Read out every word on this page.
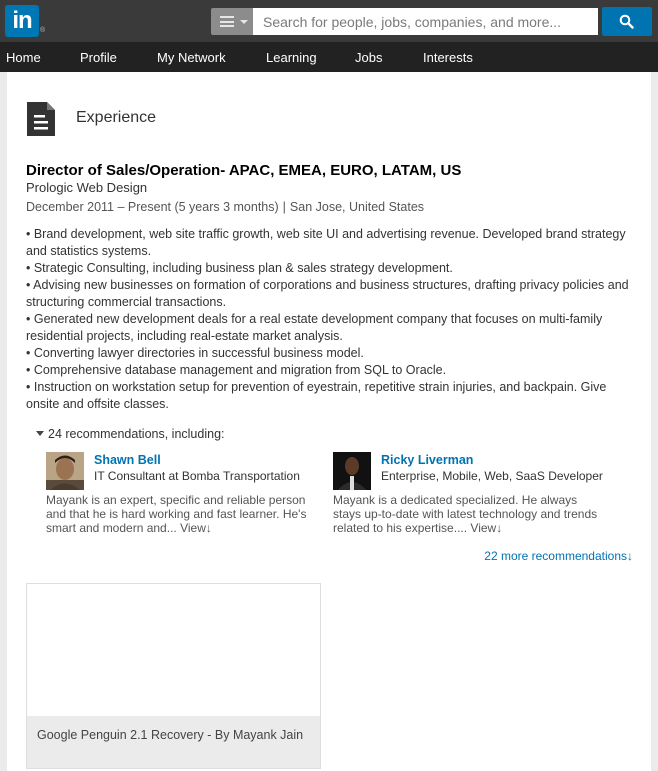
in	®
Search for people, jobs, companies, and more...
Home	Profile	My Network	Learning	Jobs	Interests
Experience
Director of Sales/Operation- APAC, EMEA, EURO, LATAM, US
Prologic Web Design
December 2011 – Present (5 years 3 months) | San Jose, United States
• Brand development, web site traffic growth, web site UI and advertising revenue. Developed brand strategy and statistics systems.
• Strategic Consulting, including business plan & sales strategy development.
• Advising new businesses on formation of corporations and business structures, drafting privacy policies and structuring commercial transactions.
• Generated new development deals for a real estate development company that focuses on multi-family residential projects, including real-estate market analysis.
• Converting lawyer directories in successful business model.
• Comprehensive database management and migration from SQL to Oracle.
• Instruction on workstation setup for prevention of eyestrain, repetitive strain injuries, and backpain. Give onsite and offsite classes.
24 recommendations, including:
Shawn Bell
IT Consultant at Bomba Transportation
Mayank is an expert, specific and reliable person and that he is hard working and fast learner. He's smart and modern and... View↓
Ricky Liverman
Enterprise, Mobile, Web, SaaS Developer
Mayank is a dedicated specialized. He always stays up-to-date with latest technology and trends related to his expertise.... View↓
22 more recommendations↓
Google Penguin 2.1 Recovery - By Mayank Jain
